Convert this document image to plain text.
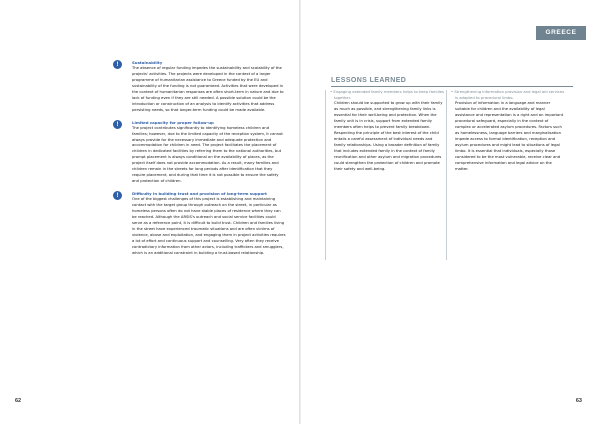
GREECE
!	Sustainability

The absence of regular funding impedes the sustainability and scalability of the projects' activities. The projects were developed in the context of a larger programme of humanitarian assistance to Greece funded by the EU and sustainability of the funding is not guaranteed. Activities that were developed in the context of humanitarian responses are often short-term in nature and due to lack of funding even if they are still needed. A possible solution could be the introduction or construction of an analysis to identify activities that address persisting needs, so that longer-term funding could be made available.

!	Limited capacity for proper follow-up

The project contributes significantly to identifying homeless children and families; however, due to the limited capacity of the reception system, it cannot always provide for the necessary immediate and adequate protection and accommodation for children in need. The project facilitates the placement of children in dedicated facilities by referring them to the national authorities, but prompt placement is always conditional on the availability of places, as the project itself does not provide accommodation. As a result, many families and children remain in the streets for long periods after identification that they require placement, and during that time it is not possible to ensure the safety and protection of children.

!	Difficulty in building trust and provision of long-term support

One of the biggest challenges of this project is establishing and maintaining contact with the target group through outreach on the street, in particular as homeless persons often do not have stable places of residence where they can be reached. Although the ARSIS's outreach and social service facilities could serve as a reference point, it is difficult to build trust. Children and families living in the street have experienced traumatic situations and are often victims of violence, abuse and exploitation, and engaging them in project activities requires a lot of effort and continuous support and counselling. Very often they receive contradictory information from other actors, including traffickers and smugglers, which is an additional constraint in building a trust-based relationship.

LESSONS LEARNED

• Engaging extended family members helps to keep families together.

Children should be supported to grow up with their family as much as possible, and strengthening family links is essential for their well-being and protection. When the family unit is in crisis, support from extended family members often helps to prevent family breakdown. Respecting the principle of the best interest of the child entails a careful assessment of individual needs and family relationships. Using a broader definition of family that includes extended family in the context of family reunification and other asylum and migration procedures could strengthen the protection of children and promote their safety and well-being.

• Strengthening information provision and legal aid services is adapted to procedural limbo.

Provision of information in a language and manner suitable for children and the availability of legal assistance and representation is a right and an important procedural safeguard, especially in the context of complex or accelerated asylum procedures. Factors such as homelessness, language barriers and marginalisation impede access to formal identification, reception and asylum procedures and might lead to situations of legal limbo. It is essential that individuals, especially those considered to be the most vulnerable, receive clear and comprehensive information and legal advice on the matter.

62	63
